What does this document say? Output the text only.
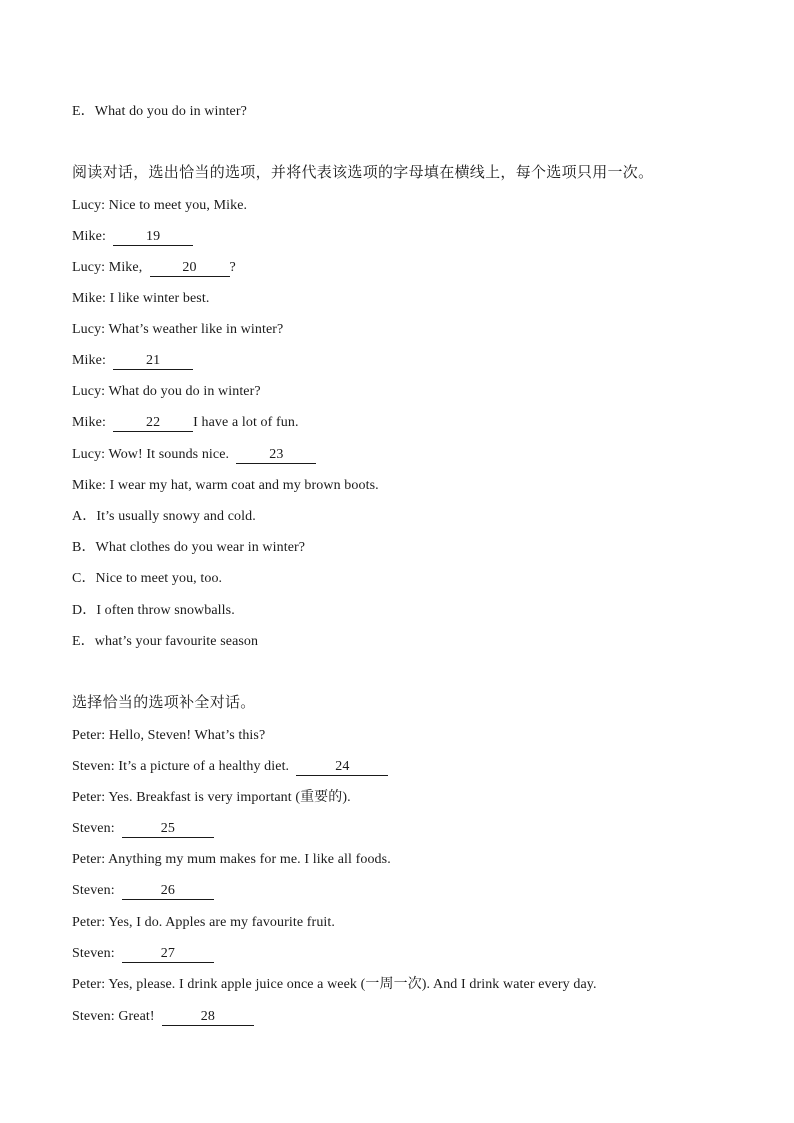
E．What do you do in winter?
阅读对话，选出恰当的选项，并将代表该选项的字母填在横线上，每个选项只用一次。
Lucy: Nice to meet you, Mike.
Mike:	19
Lucy: Mike,	20 ?
Mike: I like winter best.
Lucy: What’s weather like in winter?
Mike:	21
Lucy: What do you do in winter?
Mike:	22 I have a lot of fun.
Lucy: Wow! It sounds nice.	23
Mike: I wear my hat, warm coat and my brown boots.
A．It’s usually snowy and cold.
B．What clothes do you wear in winter?
C．Nice to meet you, too.
D．I often throw snowballs.
E．what’s your favourite season
选择恰当的选项补全对话。
Peter: Hello, Steven! What’s this?
Steven: It’s a picture of a healthy diet.	24
Peter: Yes. Breakfast is very important (重要的).
Steven:	25
Peter: Anything my mum makes for me. I like all foods.
Steven:	26
Peter: Yes, I do. Apples are my favourite fruit.
Steven:	27
Peter: Yes, please. I drink apple juice once a week (一周一次). And I drink water every day.
Steven: Great!	28
